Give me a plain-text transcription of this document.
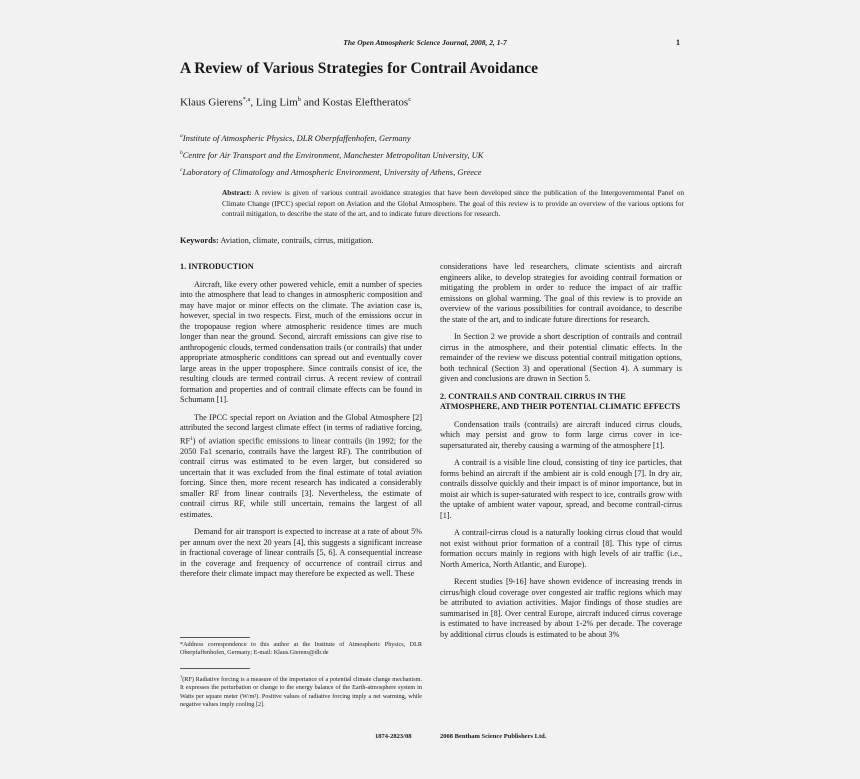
The Open Atmospheric Science Journal, 2008, 2, 1-7	1
A Review of Various Strategies for Contrail Avoidance
Klaus Gierens$^{*,a}$, Ling Lim$^b$ and Kostas Eleftheratos$^c$
$^a$Institute of Atmospheric Physics, DLR Oberpfaffenhofen, Germany
$^b$Centre for Air Transport and the Environment, Manchester Metropolitan University, UK
$^c$Laboratory of Climatology and Atmospheric Environment, University of Athens, Greece
Abstract: A review is given of various contrail avoidance strategies that have been developed since the publication of the Intergovernmental Panel on Climate Change (IPCC) special report on Aviation and the Global Atmosphere. The goal of this review is to provide an overview of the various options for contrail mitigation, to describe the state of the art, and to indicate future directions for research.
Keywords: Aviation, climate, contrails, cirrus, mitigation.
1. INTRODUCTION

Aircraft, like every other powered vehicle, emit a number of species into the atmosphere that lead to changes in atmospheric composition and may have major or minor effects on the climate. The aviation case is, however, special in two respects. First, much of the emissions occur in the tropopause region where atmospheric residence times are much longer than near the ground. Second, aircraft emissions can give rise to anthropogenic clouds, termed condensation trails (or contrails) that under appropriate atmospheric conditions can spread out and eventually cover large areas in the upper troposphere. Since contrails consist of ice, the resulting clouds are termed contrail cirrus. A recent review of contrail formation and properties and of contrail climate effects can be found in Schumann [1].

The IPCC special report on Aviation and the Global Atmosphere [2] attributed the second largest climate effect (in terms of radiative forcing, $RF^1$) of aviation specific emissions to linear contrails (in 1992; for the 2050 Fa1 scenario, contrails have the largest RF). The contribution of contrail cirrus was estimated to be even larger, but considered so uncertain that it was excluded from the final estimate of total aviation forcing. Since then, more recent research has indicated a considerably smaller RF from linear contrails [3]. Nevertheless, the estimate of contrail cirrus RF, while still uncertain, remains the largest of all estimates.

Demand for air transport is expected to increase at a rate of about 5% per annum over the next 20 years [4], this suggests a significant increase in fractional coverage of linear contrails [5, 6]. A consequential increase in the coverage and frequency of occurrence of contrail cirrus and therefore their climate impact may therefore be expected as well. These

*Address correspondence to this author at the Institute of Atmospheric Physics, DLR Oberpfaffenhofen, Germany; E-mail: Klaus.Gierens@dlr.de
$^1$(RF) Radiative forcing is a measure of the importance of a potential climate change mechanism. It expresses the perturbation or change to the energy balance of the Earth-atmosphere system in Watts per square meter (W/m²). Positive values of radiative forcing imply a net warming, while negative values imply cooling [2].

considerations have led researchers, climate scientists and aircraft engineers alike, to develop strategies for avoiding contrail formation or mitigating the problem in order to reduce the impact of air traffic emissions on global warming. The goal of this review is to provide an overview of the various possibilities for contrail avoidance, to describe the state of the art, and to indicate future directions for research.

In Section 2 we provide a short description of contrails and contrail cirrus in the atmosphere, and their potential climatic effects. In the remainder of the review we discuss potential contrail mitigation options, both technical (Section 3) and operational (Section 4). A summary is given and conclusions are drawn in Section 5.

2. CONTRAILS AND CONTRAIL CIRRUS IN THE ATMOSPHERE, AND THEIR POTENTIAL CLIMATIC EFFECTS

Condensation trails (contrails) are aircraft induced cirrus clouds, which may persist and grow to form large cirrus cover in ice-supersaturated air, thereby causing a warming of the atmosphere [1].

A contrail is a visible line cloud, consisting of tiny ice particles, that forms behind an aircraft if the ambient air is cold enough [7]. In dry air, contrails dissolve quickly and their impact is of minor importance, but in moist air which is super-saturated with respect to ice, contrails grow with the uptake of ambient water vapour, spread, and become contrail-cirrus [1].

A contrail-cirrus cloud is a naturally looking cirrus cloud that would not exist without prior formation of a contrail [8]. This type of cirrus formation occurs mainly in regions with high levels of air traffic (i.e., North America, North Atlantic, and Europe).

Recent studies [9-16] have shown evidence of increasing trends in cirrus/high cloud coverage over congested air traffic regions which may be attributed to aviation activities. Major findings of those studies are summarised in [8]. Over central Europe, aircraft induced cirrus coverage is estimated to have increased by about 1-2% per decade. The coverage by additional cirrus clouds is estimated to be about 3%

1874-2823/08	2008 Bentham Science Publishers Ltd.
